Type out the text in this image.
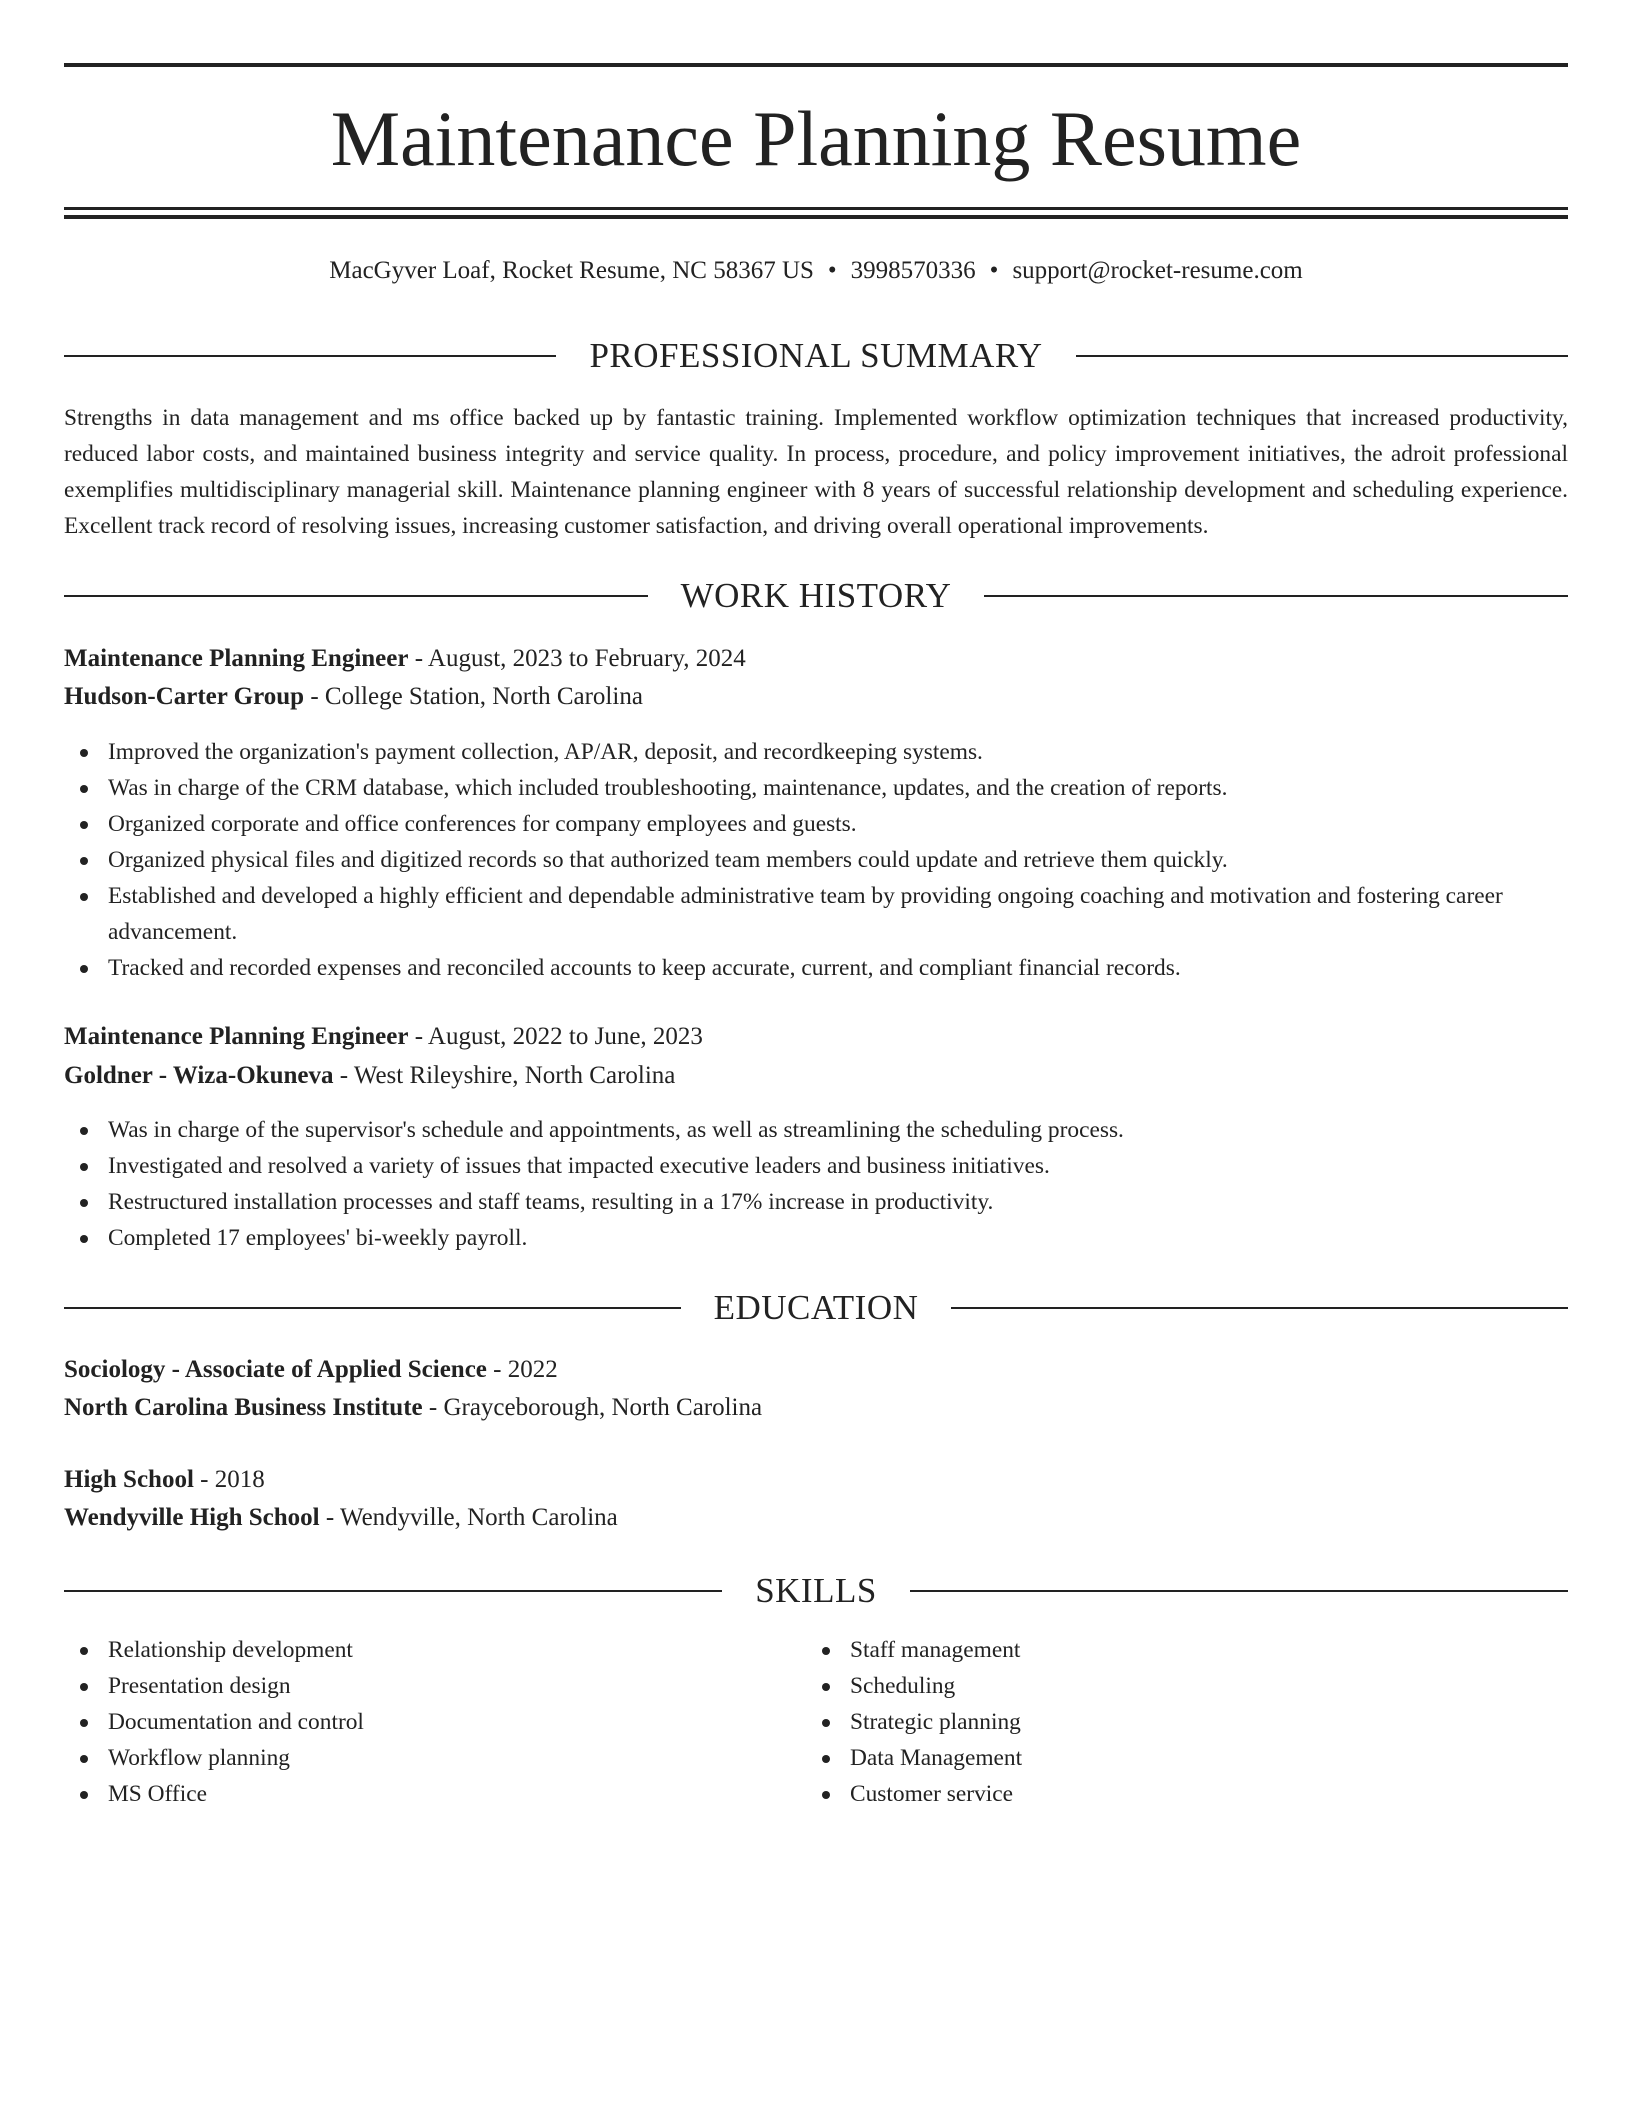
Maintenance Planning Resume
MacGyver Loaf, Rocket Resume, NC 58367 US • 3998570336 • support@rocket-resume.com
PROFESSIONAL SUMMARY

Strengths in data management and ms office backed up by fantastic training. Implemented workflow optimization techniques that increased productivity, reduced labor costs, and maintained business integrity and service quality. In process, procedure, and policy improvement initiatives, the adroit professional exemplifies multidisciplinary managerial skill. Maintenance planning engineer with 8 years of successful relationship development and scheduling experience. Excellent track record of resolving issues, increasing customer satisfaction, and driving overall operational improvements.

WORK HISTORY
Maintenance Planning Engineer - August, 2023 to February, 2024
Hudson-Carter Group - College Station, North Carolina
Improved the organization's payment collection, AP/AR, deposit, and recordkeeping systems.
Was in charge of the CRM database, which included troubleshooting, maintenance, updates, and the creation of reports.
Organized corporate and office conferences for company employees and guests.
Organized physical files and digitized records so that authorized team members could update and retrieve them quickly.
Established and developed a highly efficient and dependable administrative team by providing ongoing coaching and motivation and fostering career advancement.
Tracked and recorded expenses and reconciled accounts to keep accurate, current, and compliant financial records.
Maintenance Planning Engineer - August, 2022 to June, 2023
Goldner - Wiza-Okuneva - West Rileyshire, North Carolina
Was in charge of the supervisor's schedule and appointments, as well as streamlining the scheduling process.
Investigated and resolved a variety of issues that impacted executive leaders and business initiatives.
Restructured installation processes and staff teams, resulting in a 17% increase in productivity.
Completed 17 employees' bi-weekly payroll.
EDUCATION
Sociology - Associate of Applied Science - 2022
North Carolina Business Institute - Grayceborough, North Carolina
High School - 2018
Wendyville High School - Wendyville, North Carolina
SKILLS
Relationship development
Presentation design
Documentation and control
Workflow planning
MS Office
Staff management
Scheduling
Strategic planning
Data Management
Customer service
